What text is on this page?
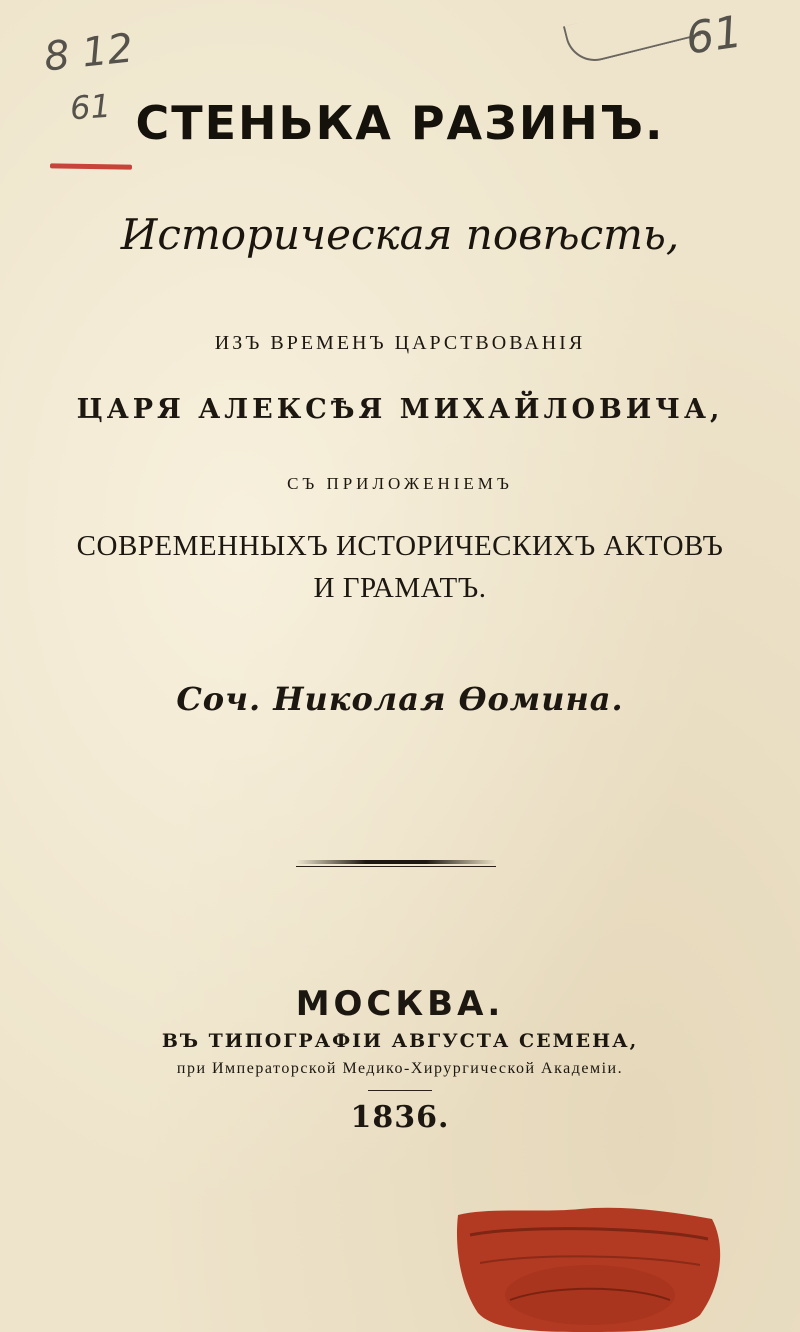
8 12
61
61
СТЕНЬКА РАЗИНЪ.
Историческая повѣсть,
ИЗЪ ВРЕМЕНЪ ЦАРСТВОВАНІЯ
ЦАРЯ АЛЕКСѢЯ МИХАЙЛОВИЧА,
СЪ ПРИЛОЖЕНІЕМЪ
СОВРЕМЕННЫХЪ ИСТОРИЧЕСКИХЪ АКТОВЪ
И ГРАМАТЪ.
Соч. Николая Ѳомина.
МОСКВА.
ВЪ ТИПОГРАФІИ АВГУСТА СЕМЕНА,
при Императорской Медико-Хирургической Академіи.
1836.
